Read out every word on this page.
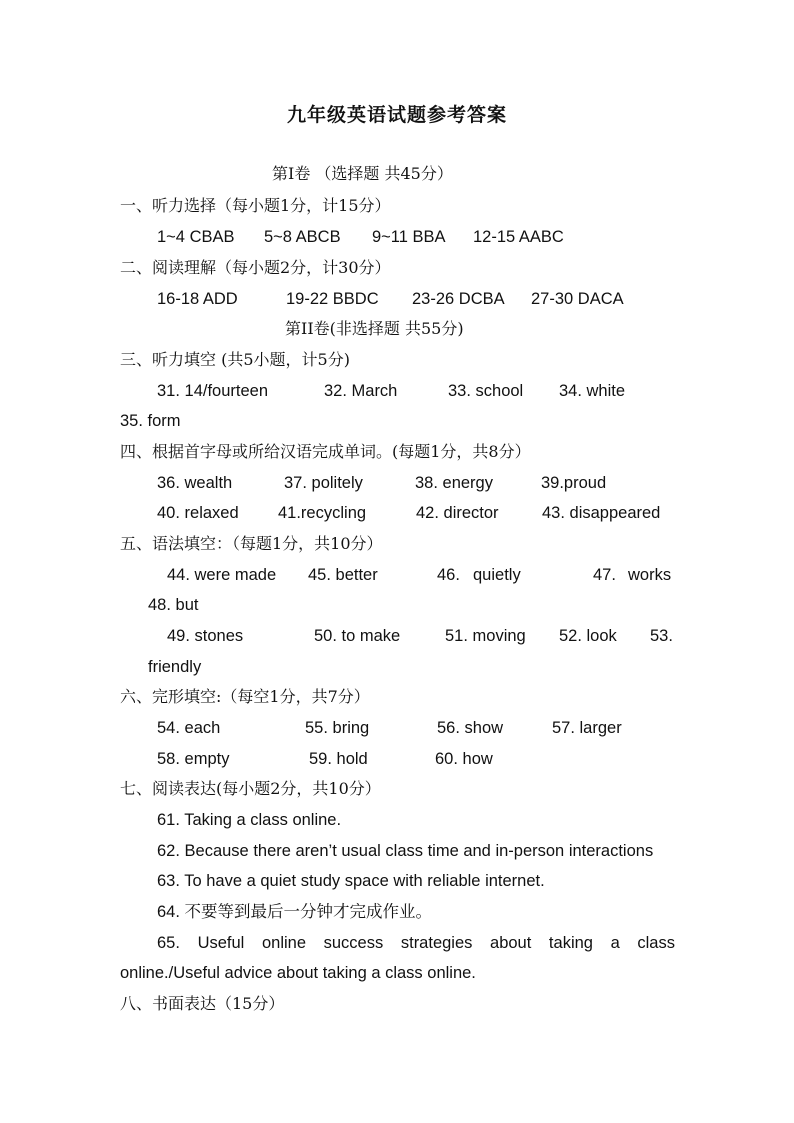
九年级英语试题参考答案
第Ⅰ卷 （选择题 共45分）
一、听力选择（每小题1分，计15分）
1~4 CBAB 5~8 ABCB 9~11 BBA 12-15 AABC
二、阅读理解（每小题2分，计30分）
16-18 ADD	19-22 BBDC 23-26 DCBA 27-30 DACA
第II卷(非选择题 共55分)
三、听力填空 (共5小题，计5分)
31. 14/fourteen	32. March	33. school 34. white
35. form
四、根据首字母或所给汉语完成单词。(每题1分，共8分）
36. wealth	37. politely	38. energy	39.proud
40. relaxed 41.recycling	42. director	43. disappeared
五、语法填空：（每题1分，共10分）
44. were made 45. better	46. quietly	47. works
48. but
49. stones	50. to make	51. moving 52. look 53.
friendly
六、完形填空:（每空1分，共7分）
54. each	55. bring	56. show	57. larger
58. empty	59. hold	60. how
七、阅读表达(每小题2分，共10分）
61. Taking a class online.
62. Because there aren’t usual class time and in-person interactions
63. To have a quiet study space with reliable internet.
64. 不要等到最后一分钟才完成作业。
65. Useful online success strategies about taking a class online./Useful advice about taking a class online.
八、书面表达（15分）
